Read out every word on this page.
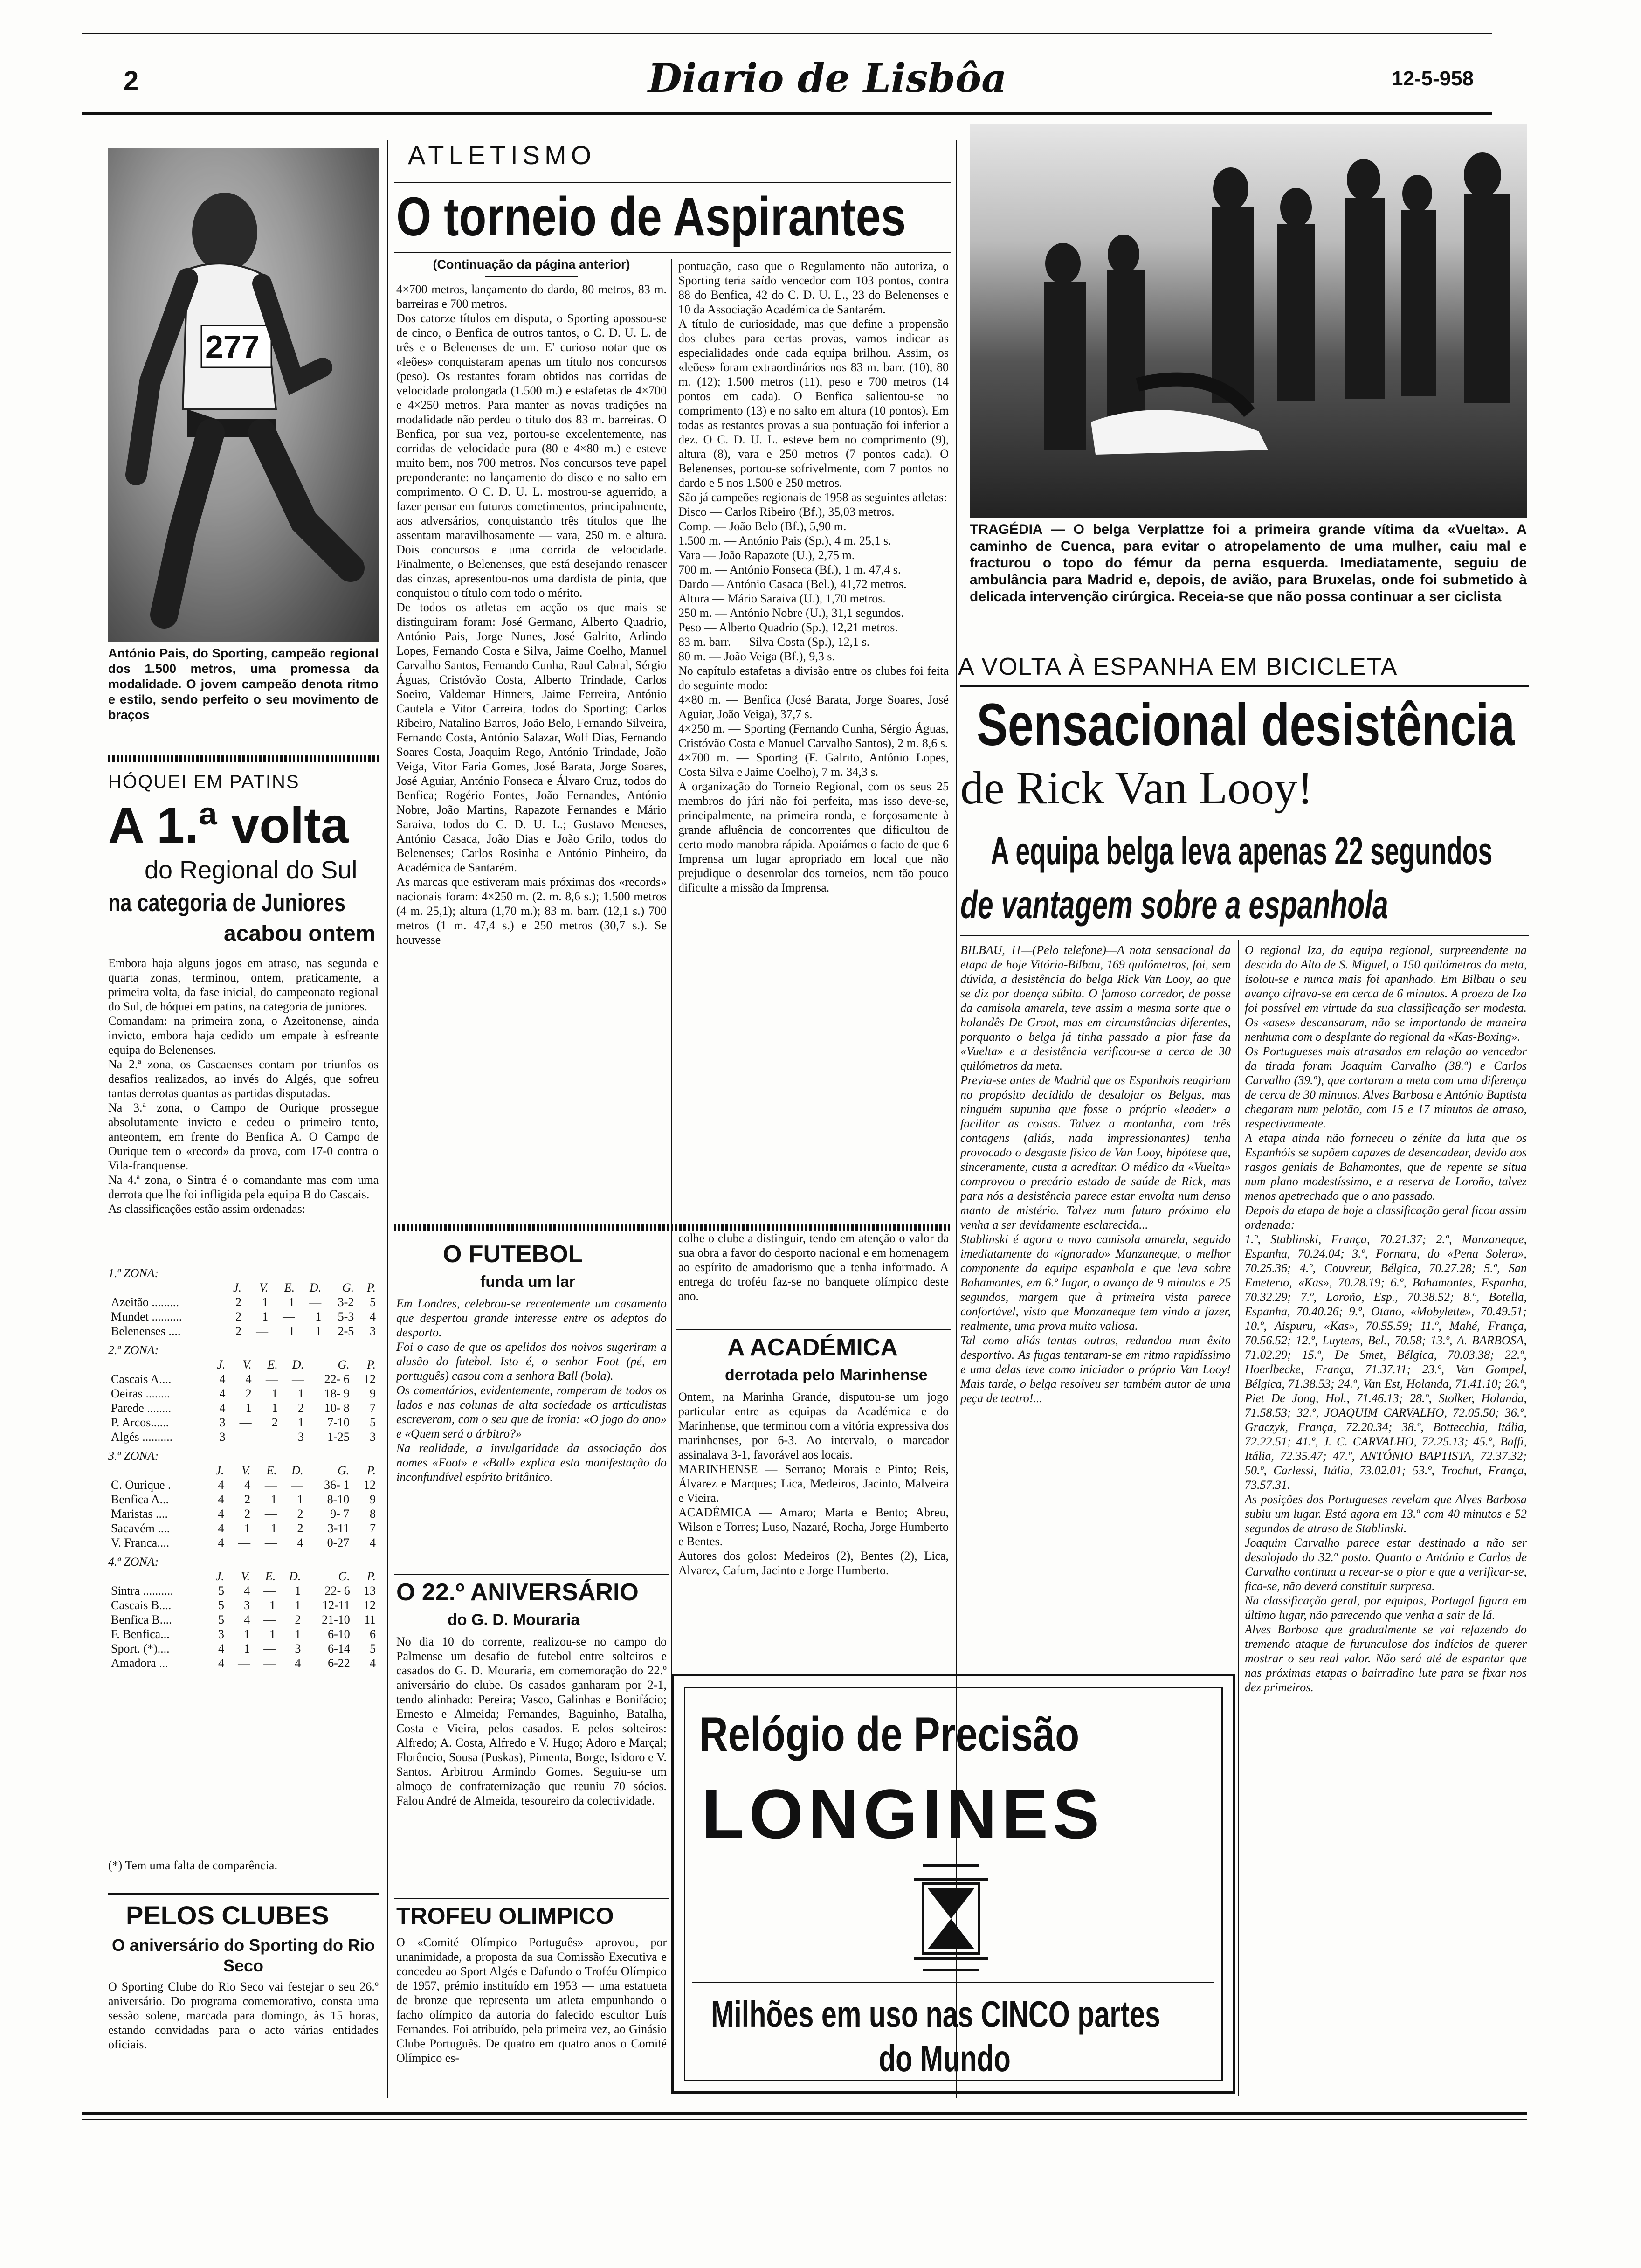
2	Diario de Lisbôa	12-5-958
277
António Pais, do Sporting, campeão regional dos 1.500 metros, uma promessa da modalidade. O jovem campeão denota ritmo e estilo, sendo perfeito o seu movimento de braços
HÓQUEI EM PATINS
A 1.ª volta
do Regional do Sul
na categoria de Juniores
acabou ontem
Embora haja alguns jogos em atraso, nas segunda e quarta zonas, terminou, ontem, praticamente, a primeira volta, da fase inicial, do campeonato regional do Sul, de hóquei em patins, na categoria de juniores.
Comandam: na primeira zona, o Azeitonense, ainda invicto, embora haja cedido um empate à esfreante equipa do Belenenses.
Na 2.ª zona, os Cascaenses contam por triunfos os desafios realizados, ao invés do Algés, que sofreu tantas derrotas quantas as partidas disputadas.
Na 3.ª zona, o Campo de Ourique prossegue absolutamente invicto e cedeu o primeiro tento, anteontem, em frente do Benfica A. O Campo de Ourique tem o «record» da prova, com 17-0 contra o Vila-franquense.
Na 4.ª zona, o Sintra é o comandante mas com uma derrota que lhe foi infligida pela equipa B do Cascais.
As classificações estão assim ordenadas:
1.ª ZONA:
	J.	V.	E.	D.	G.	P.
Azeitão .........	2	1	1	—	3-2	5
Mundet ..........	2	1	—	1	5-3	4
Belenenses ....	2	—	1	1	2-5	3
2.ª ZONA:
	J.	V.	E.	D.	G.	P.
Cascais A....	4	4	—	—	22- 6	12
Oeiras ........	4	2	1	1	18- 9	9
Parede ........	4	1	1	2	10- 8	7
P. Arcos......	3	—	2	1	7-10	5
Algés ..........	3	—	—	3	1-25	3
3.ª ZONA:
	J.	V.	E.	D.	G.	P.
C. Ourique .	4	4	—	—	36- 1	12
Benfica A...	4	2	1	1	8-10	9
Maristas ....	4	2	—	2	9- 7	8
Sacavém ....	4	1	1	2	3-11	7
V. Franca....	4	—	—	4	0-27	4
4.ª ZONA:
	J.	V.	E.	D.	G.	P.
Sintra ..........	5	4	—	1	22- 6	13
Cascais B....	5	3	1	1	12-11	12
Benfica B....	5	4	—	2	21-10	11
F. Benfica...	3	1	1	1	6-10	6
Sport. (*)....	4	1	—	3	6-14	5
Amadora ...	4	—	—	4	6-22	4
(*) Tem uma falta de comparência.
PELOS CLUBES
O aniversário do Sporting do Rio Seco
O Sporting Clube do Rio Seco vai festejar o seu 26.º aniversário. Do programa comemorativo, consta uma sessão solene, marcada para domingo, às 15 horas, estando convidadas para o acto várias entidades oficiais.
ATLETISMO
O torneio de Aspirantes
(Continuação da página anterior)
4×700 metros, lançamento do dardo, 80 metros, 83 m. barreiras e 700 metros.
Dos catorze títulos em disputa, o Sporting apossou-se de cinco, o Benfica de outros tantos, o C. D. U. L. de três e o Belenenses de um. E' curioso notar que os «leões» conquistaram apenas um título nos concursos (peso). Os restantes foram obtidos nas corridas de velocidade prolongada (1.500 m.) e estafetas de 4×700 e 4×250 metros. Para manter as novas tradições na modalidade não perdeu o título dos 83 m. barreiras. O Benfica, por sua vez, portou-se excelentemente, nas corridas de velocidade pura (80 e 4×80 m.) e esteve muito bem, nos 700 metros. Nos concursos teve papel preponderante: no lançamento do disco e no salto em comprimento. O C. D. U. L. mostrou-se aguerrido, a fazer pensar em futuros cometimentos, principalmente, aos adversários, conquistando três títulos que lhe assentam maravilhosamente — vara, 250 m. e altura. Dois concursos e uma corrida de velocidade. Finalmente, o Belenenses, que está desejando renascer das cinzas, apresentou-nos uma dardista de pinta, que conquistou o título com todo o mérito.
De todos os atletas em acção os que mais se distinguiram foram: José Germano, Alberto Quadrio, António Pais, Jorge Nunes, José Galrito, Arlindo Lopes, Fernando Costa e Silva, Jaime Coelho, Manuel Carvalho Santos, Fernando Cunha, Raul Cabral, Sérgio Águas, Cristóvão Costa, Alberto Trindade, Carlos Soeiro, Valdemar Hinners, Jaime Ferreira, António Cautela e Vitor Carreira, todos do Sporting; Carlos Ribeiro, Natalino Barros, João Belo, Fernando Silveira, Fernando Costa, António Salazar, Wolf Dias, Fernando Soares Costa, Joaquim Rego, António Trindade, João Veiga, Vitor Faria Gomes, José Barata, Jorge Soares, José Aguiar, António Fonseca e Álvaro Cruz, todos do Benfica; Rogério Fontes, João Fernandes, António Nobre, João Martins, Rapazote Fernandes e Mário Saraiva, todos do C. D. U. L.; Gustavo Meneses, António Casaca, João Dias e João Grilo, todos do Belenenses; Carlos Rosinha e António Pinheiro, da Académica de Santarém.
As marcas que estiveram mais próximas dos «records» nacionais foram: 4×250 m. (2. m. 8,6 s.); 1.500 metros (4 m. 25,1); altura (1,70 m.); 83 m. barr. (12,1 s.) 700 metros (1 m. 47,4 s.) e 250 metros (30,7 s.). Se houvesse
pontuação, caso que o Regulamento não autoriza, o Sporting teria saído vencedor com 103 pontos, contra 88 do Benfica, 42 do C. D. U. L., 23 do Belenenses e 10 da Associação Académica de Santarém.
A título de curiosidade, mas que define a propensão dos clubes para certas provas, vamos indicar as especialidades onde cada equipa brilhou. Assim, os «leões» foram extraordinários nos 83 m. barr. (10), 80 m. (12); 1.500 metros (11), peso e 700 metros (14 pontos em cada). O Benfica salientou-se no comprimento (13) e no salto em altura (10 pontos). Em todas as restantes provas a sua pontuação foi inferior a dez. O C. D. U. L. esteve bem no comprimento (9), altura (8), vara e 250 metros (7 pontos cada). O Belenenses, portou-se sofrivelmente, com 7 pontos no dardo e 5 nos 1.500 e 250 metros.
São já campeões regionais de 1958 as seguintes atletas:
Disco — Carlos Ribeiro (Bf.), 35,03 metros.
Comp. — João Belo (Bf.), 5,90 m.
1.500 m. — António Pais (Sp.), 4 m. 25,1 s.
Vara — João Rapazote (U.), 2,75 m.
700 m. — António Fonseca (Bf.), 1 m. 47,4 s.
Dardo — António Casaca (Bel.), 41,72 metros.
Altura — Mário Saraiva (U.), 1,70 metros.
250 m. — António Nobre (U.), 31,1 segundos.
Peso — Alberto Quadrio (Sp.), 12,21 metros.
83 m. barr. — Silva Costa (Sp.), 12,1 s.
80 m. — João Veiga (Bf.), 9,3 s.
No capítulo estafetas a divisão entre os clubes foi feita do seguinte modo:
4×80 m. — Benfica (José Barata, Jorge Soares, José Aguiar, João Veiga), 37,7 s.
4×250 m. — Sporting (Fernando Cunha, Sérgio Águas, Cristóvão Costa e Manuel Carvalho Santos), 2 m. 8,6 s.
4×700 m. — Sporting (F. Galrito, António Lopes, Costa Silva e Jaime Coelho), 7 m. 34,3 s.
A organização do Torneio Regional, com os seus 25 membros do júri não foi perfeita, mas isso deve-se, principalmente, na primeira ronda, e forçosamente à grande afluência de concorrentes que dificultou de certo modo manobra rápida. Apoiámos o facto de que 6 Imprensa um lugar apropriado em local que não prejudique o desenrolar dos torneios, nem tão pouco dificulte a missão da Imprensa.
O FUTEBOL
funda um lar
Em Londres, celebrou-se recentemente um casamento que despertou grande interesse entre os adeptos do desporto.
Foi o caso de que os apelidos dos noivos sugeriram a alusão do futebol. Isto é, o senhor Foot (pé, em português) casou com a senhora Ball (bola).
Os comentários, evidentemente, romperam de todos os lados e nas colunas de alta sociedade os articulistas escreveram, com o seu que de ironia: «O jogo do ano» e «Quem será o árbitro?»
Na realidade, a invulgaridade da associação dos nomes «Foot» e «Ball» explica esta manifestação do inconfundível espírito britânico.
colhe o clube a distinguir, tendo em atenção o valor da sua obra a favor do desporto nacional e em homenagem ao espírito de amadorismo que a tenha informado. A entrega do troféu faz-se no banquete olímpico deste ano.
O 22.º ANIVERSÁRIO
do G. D. Mouraria
No dia 10 do corrente, realizou-se no campo do Palmense um desafio de futebol entre solteiros e casados do G. D. Mouraria, em comemoração do 22.º aniversário do clube. Os casados ganharam por 2-1, tendo alinhado: Pereira; Vasco, Galinhas e Bonifácio; Ernesto e Almeida; Fernandes, Baguinho, Batalha, Costa e Vieira, pelos casados. E pelos solteiros: Alfredo; A. Costa, Alfredo e V. Hugo; Adoro e Marçal; Florêncio, Sousa (Puskas), Pimenta, Borge, Isidoro e V. Santos. Arbitrou Armindo Gomes. Seguiu-se um almoço de confraternização que reuniu 70 sócios. Falou André de Almeida, tesoureiro da colectividade.
TROFEU OLIMPICO
O «Comité Olímpico Português» aprovou, por unanimidade, a proposta da sua Comissão Executiva e concedeu ao Sport Algés e Dafundo o Troféu Olímpico de 1957, prémio instituído em 1953 — uma estatueta de bronze que representa um atleta empunhando o facho olímpico da autoria do falecido escultor Luís Fernandes. Foi atribuído, pela primeira vez, ao Ginásio Clube Português. De quatro em quatro anos o Comité Olímpico es-
A ACADÉMICA
derrotada pelo Marinhense
Ontem, na Marinha Grande, disputou-se um jogo particular entre as equipas da Académica e do Marinhense, que terminou com a vitória expressiva dos marinhenses, por 6-3. Ao intervalo, o marcador assinalava 3-1, favorável aos locais.
MARINHENSE — Serrano; Morais e Pinto; Reis, Álvarez e Marques; Lica, Medeiros, Jacinto, Malveira e Vieira.
ACADÉMICA — Amaro; Marta e Bento; Abreu, Wilson e Torres; Luso, Nazaré, Rocha, Jorge Humberto e Bentes.
Autores dos golos: Medeiros (2), Bentes (2), Lica, Alvarez, Cafum, Jacinto e Jorge Humberto.
TRAGÉDIA — O belga Verplattze foi a primeira grande vítima da «Vuelta». A caminho de Cuenca, para evitar o atropelamento de uma mulher, caiu mal e fracturou o topo do fémur da perna esquerda. Imediatamente, seguiu de ambulância para Madrid e, depois, de avião, para Bruxelas, onde foi submetido à delicada intervenção cirúrgica. Receia-se que não possa continuar a ser ciclista
A VOLTA À ESPANHA EM BICICLETA
Sensacional desistência
de Rick Van Looy!
A equipa belga leva apenas 22 segundos
de vantagem sobre a espanhola
BILBAU, 11—(Pelo telefone)—A nota sensacional da etapa de hoje Vitória-Bilbau, 169 quilómetros, foi, sem dúvida, a desistência do belga Rick Van Looy, ao que se diz por doença súbita. O famoso corredor, de posse da camisola amarela, teve assim a mesma sorte que o holandês De Groot, mas em circunstâncias diferentes, porquanto o belga já tinha passado a pior fase da «Vuelta» e a desistência verificou-se a cerca de 30 quilómetros da meta.
Previa-se antes de Madrid que os Espanhois reagiriam no propósito decidido de desalojar os Belgas, mas ninguém supunha que fosse o próprio «leader» a facilitar as coisas. Talvez a montanha, com três contagens (aliás, nada impressionantes) tenha provocado o desgaste físico de Van Looy, hipótese que, sinceramente, custa a acreditar. O médico da «Vuelta» comprovou o precário estado de saúde de Rick, mas para nós a desistência parece estar envolta num denso manto de mistério. Talvez num futuro próximo ela venha a ser devidamente esclarecida...
Stablinski é agora o novo camisola amarela, seguido imediatamente do «ignorado» Manzaneque, o melhor componente da equipa espanhola e que leva sobre Bahamontes, em 6.º lugar, o avanço de 9 minutos e 25 segundos, margem que à primeira vista parece confortável, visto que Manzaneque tem vindo a fazer, realmente, uma prova muito valiosa.
Tal como aliás tantas outras, redundou num êxito desportivo. As fugas tentaram-se em ritmo rapidíssimo e uma delas teve como iniciador o próprio Van Looy! Mais tarde, o belga resolveu ser também autor de uma peça de teatro!...
O regional Iza, da equipa regional, surpreendente na descida do Alto de S. Miguel, a 150 quilómetros da meta, isolou-se e nunca mais foi apanhado. Em Bilbau o seu avanço cifrava-se em cerca de 6 minutos. A proeza de Iza foi possível em virtude da sua classificação ser modesta. Os «ases» descansaram, não se importando de maneira nenhuma com o desplante do regional da «Kas-Boxing».
Os Portugueses mais atrasados em relação ao vencedor da tirada foram Joaquim Carvalho (38.º) e Carlos Carvalho (39.º), que cortaram a meta com uma diferença de cerca de 30 minutos. Alves Barbosa e António Baptista chegaram num pelotão, com 15 e 17 minutos de atraso, respectivamente.
A etapa ainda não forneceu o zénite da luta que os Espanhóis se supõem capazes de desencadear, devido aos rasgos geniais de Bahamontes, que de repente se situa num plano modestíssimo, e a reserva de Loroño, talvez menos apetrechado que o ano passado.
Depois da etapa de hoje a classificação geral ficou assim ordenada:
1.º, Stablinski, França, 70.21.37; 2.º, Manzaneque, Espanha, 70.24.04; 3.º, Fornara, do «Pena Solera», 70.25.36; 4.º, Couvreur, Bélgica, 70.27.28; 5.º, San Emeterio, «Kas», 70.28.19; 6.º, Bahamontes, Espanha, 70.32.29; 7.º, Loroño, Esp., 70.38.52; 8.º, Botella, Espanha, 70.40.26; 9.º, Otano, «Mobylette», 70.49.51; 10.º, Aispuru, «Kas», 70.55.59; 11.º, Mahé, França, 70.56.52; 12.º, Luytens, Bel., 70.58; 13.º, A. BARBOSA, 71.02.29; 15.º, De Smet, Bélgica, 70.03.38; 22.º, Hoerlbecke, França, 71.37.11; 23.º, Van Gompel, Bélgica, 71.38.53; 24.º, Van Est, Holanda, 71.41.10; 26.º, Piet De Jong, Hol., 71.46.13; 28.º, Stolker, Holanda, 71.58.53; 32.º, JOAQUIM CARVALHO, 72.05.50; 36.º, Graczyk, França, 72.20.34; 38.º, Bottecchia, Itália, 72.22.51; 41.º, J. C. CARVALHO, 72.25.13; 45.º, Baffi, Itália, 72.35.47; 47.º, ANTÓNIO BAPTISTA, 72.37.32; 50.º, Carlessi, Itália, 73.02.01; 53.º, Trochut, França, 73.57.31.
As posições dos Portugueses revelam que Alves Barbosa subiu um lugar. Está agora em 13.º com 40 minutos e 52 segundos de atraso de Stablinski.
Joaquim Carvalho parece estar destinado a não ser desalojado do 32.º posto. Quanto a António e Carlos de Carvalho continua a recear-se o pior e que a verificar-se, fica-se, não deverá constituir surpresa.
Na classificação geral, por equipas, Portugal figura em último lugar, não parecendo que venha a sair de lá.
Alves Barbosa que gradualmente se vai refazendo do tremendo ataque de furunculose dos indícios de querer mostrar o seu real valor. Não será até de espantar que nas próximas etapas o bairradino lute para se fixar nos dez primeiros.
Relógio de Precisão
LONGINES
Milhões em uso nas CINCO partes
do Mundo
